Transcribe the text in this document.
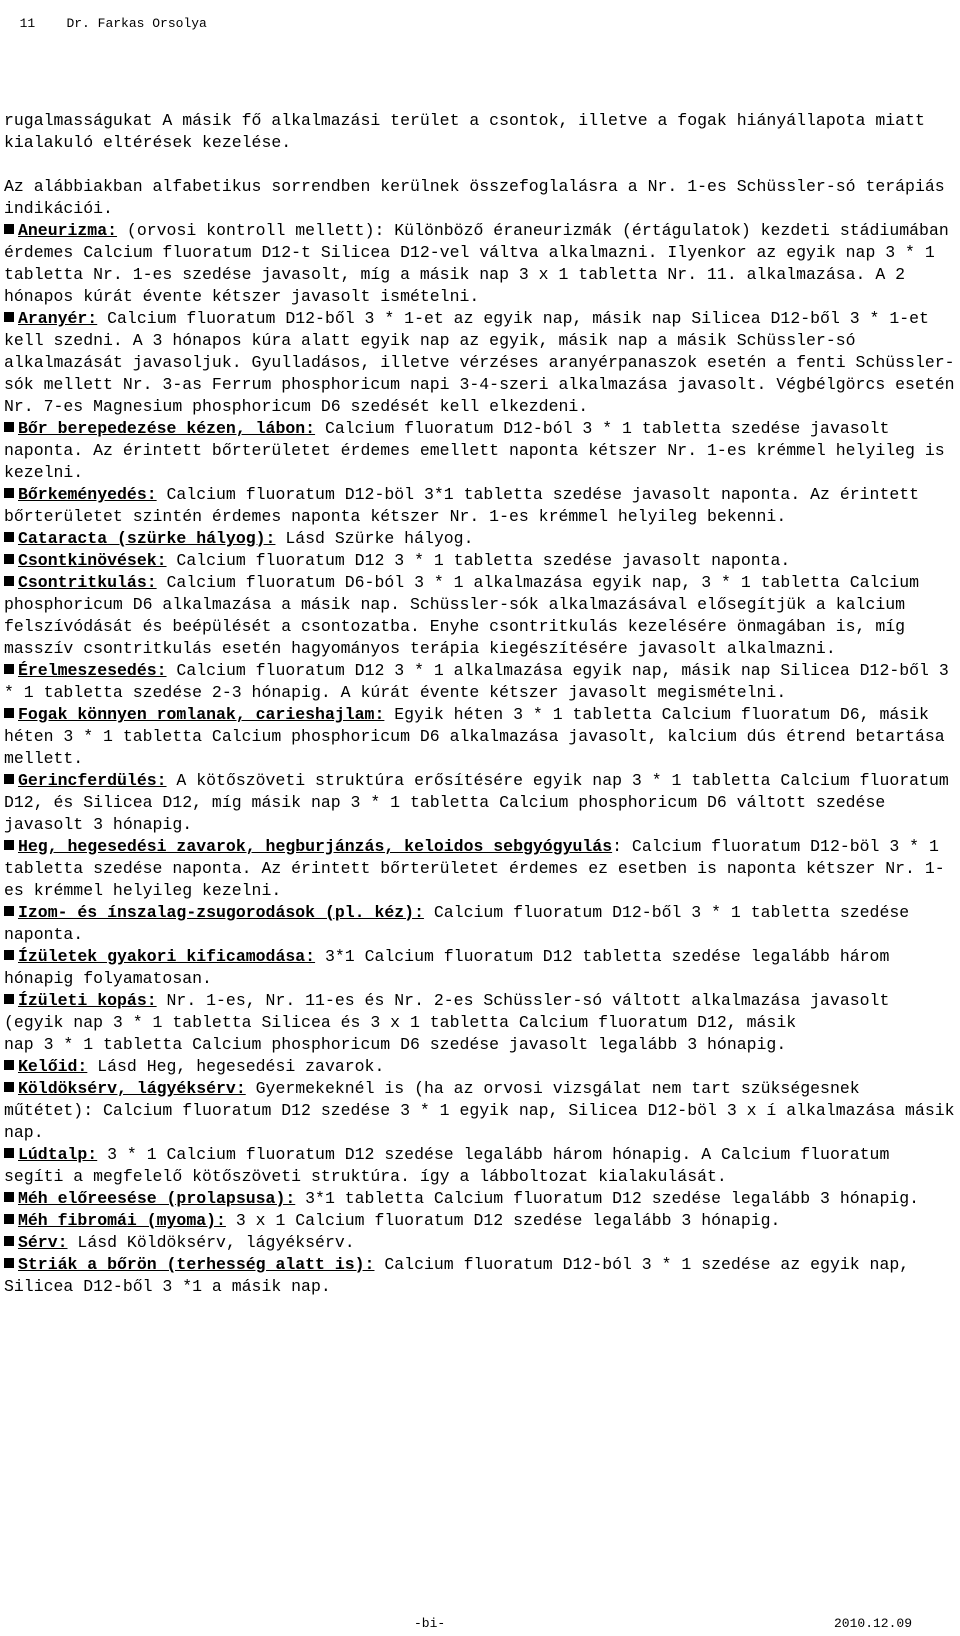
11 Dr. Farkas Orsolya

rugalmasságukat A másik fő alkalmazási terület a csontok, illetve a fogak hiányállapota miatt kialakuló eltérések kezelése.

Az alábbiakban alfabetikus sorrendben kerülnek összefoglalásra a Nr. 1-es Schüssler-só terápiás indikációi.

Aneurizma: (orvosi kontroll mellett): Különböző éraneurizmák (értágulatok) kezdeti stádiumában érdemes Calcium fluoratum D12-t Silicea D12-vel váltva alkalmazni. Ilyenkor az egyik nap 3 * 1 tabletta Nr. 1-es szedése javasolt, míg a másik nap 3 x 1 tabletta Nr. 11. alkalmazása. A 2 hónapos kúrát évente kétszer javasolt ismételni.

Aranyér: Calcium fluoratum D12-ből 3 * 1-et az egyik nap, másik nap Silicea D12-ből 3 * 1-et kell szedni. A 3 hónapos kúra alatt egyik nap az egyik, másik nap a másik Schüssler-só alkalmazását javasoljuk. Gyulladásos, illetve vérzéses aranyérpanaszok esetén a fenti Schüssler-sók mellett Nr. 3-as Ferrum phosphoricum napi 3-4-szeri alkalmazása javasolt. Végbélgörcs esetén Nr. 7-es Magnesium phosphoricum D6 szedését kell elkezdeni.

Bőr berepedezése kézen, lábon: Calcium fluoratum D12-ból 3 * 1 tabletta szedése javasolt naponta. Az érintett bőrterületet érdemes emellett naponta kétszer Nr. 1-es krémmel helyileg is kezelni.

Bőrkeményedés: Calcium fluoratum D12-böl 3*1 tabletta szedése javasolt naponta. Az érintett bőrterületet szintén érdemes naponta kétszer Nr. 1-es krémmel helyileg bekenni.

Cataracta (szürke hályog): Lásd Szürke hályog.

Csontkinövések: Calcium fluoratum D12 3 * 1 tabletta szedése javasolt naponta.

Csontritkulás: Calcium fluoratum D6-ból 3 * 1 alkalmazása egyik nap, 3 * 1 tabletta Calcium phosphoricum D6 alkalmazása a másik nap. Schüssler-sók alkalmazásával elősegítjük a kalcium felszívódását és beépülését a csontozatba. Enyhe csontritkulás kezelésére önmagában is, míg masszív csontritkulás esetén hagyományos terápia kiegészítésére javasolt alkalmazni.

Érelmeszesedés: Calcium fluoratum D12 3 * 1 alkalmazása egyik nap, másik nap Silicea D12-ből 3 * 1 tabletta szedése 2-3 hónapig. A kúrát évente kétszer javasolt megismételni.

Fogak könnyen romlanak, carieshajlam: Egyik héten 3 * 1 tabletta Calcium fluoratum D6, másik héten 3 * 1 tabletta Calcium phosphoricum D6 alkalmazása javasolt, kalcium dús étrend betartása mellett.

Gerincferdülés: A kötőszöveti struktúra erősítésére egyik nap 3 * 1 tabletta Calcium fluoratum D12, és Silicea D12, míg másik nap 3 * 1 tabletta Calcium phosphoricum D6 váltott szedése javasolt 3 hónapig.

Heg, hegesedési zavarok, hegburjánzás, keloidos sebgyógyulás: Calcium fluoratum D12-böl 3 * 1 tabletta szedése naponta. Az érintett bőrterületet érdemes ez esetben is naponta kétszer Nr. 1-es krémmel helyileg kezelni.

Izom- és ínszalag-zsugorodások (pl. kéz): Calcium fluoratum D12-ből 3 * 1 tabletta szedése naponta.

Ízületek gyakori kificamodása: 3*1 Calcium fluoratum D12 tabletta szedése legalább három hónapig folyamatosan.

Ízületi kopás: Nr. 1-es, Nr. 11-es és Nr. 2-es Schüssler-só váltott alkalmazása javasolt (egyik nap 3 * 1 tabletta Silicea és 3 x 1 tabletta Calcium fluoratum D12, másik
nap 3 * 1 tabletta Calcium phosphoricum D6 szedése javasolt legalább 3 hónapig.

Kelőid: Lásd Heg, hegesedési zavarok.

Köldöksérv, lágyéksérv: Gyermekeknél is (ha az orvosi vizsgálat nem tart szükségesnek műtétet): Calcium fluoratum D12 szedése 3 * 1 egyik nap, Silicea D12-böl 3 x í alkalmazása másik nap.

Lúdtalp: 3 * 1 Calcium fluoratum D12 szedése legalább három hónapig. A Calcium fluoratum segíti a megfelelő kötőszöveti struktúra. így a lábboltozat kialakulását.

Méh előreesése (prolapsusa): 3*1 tabletta Calcium fluoratum D12 szedése legalább 3 hónapig.

Méh fibromái (myoma): 3 x 1 Calcium fluoratum D12 szedése legalább 3 hónapig.

Sérv: Lásd Köldöksérv, lágyéksérv.

Striák a bőrön (terhesség alatt is): Calcium fluoratum D12-ból 3 * 1 szedése az egyik nap, Silicea D12-ből 3 *1 a másik nap.

-bi-	2010.12.09
